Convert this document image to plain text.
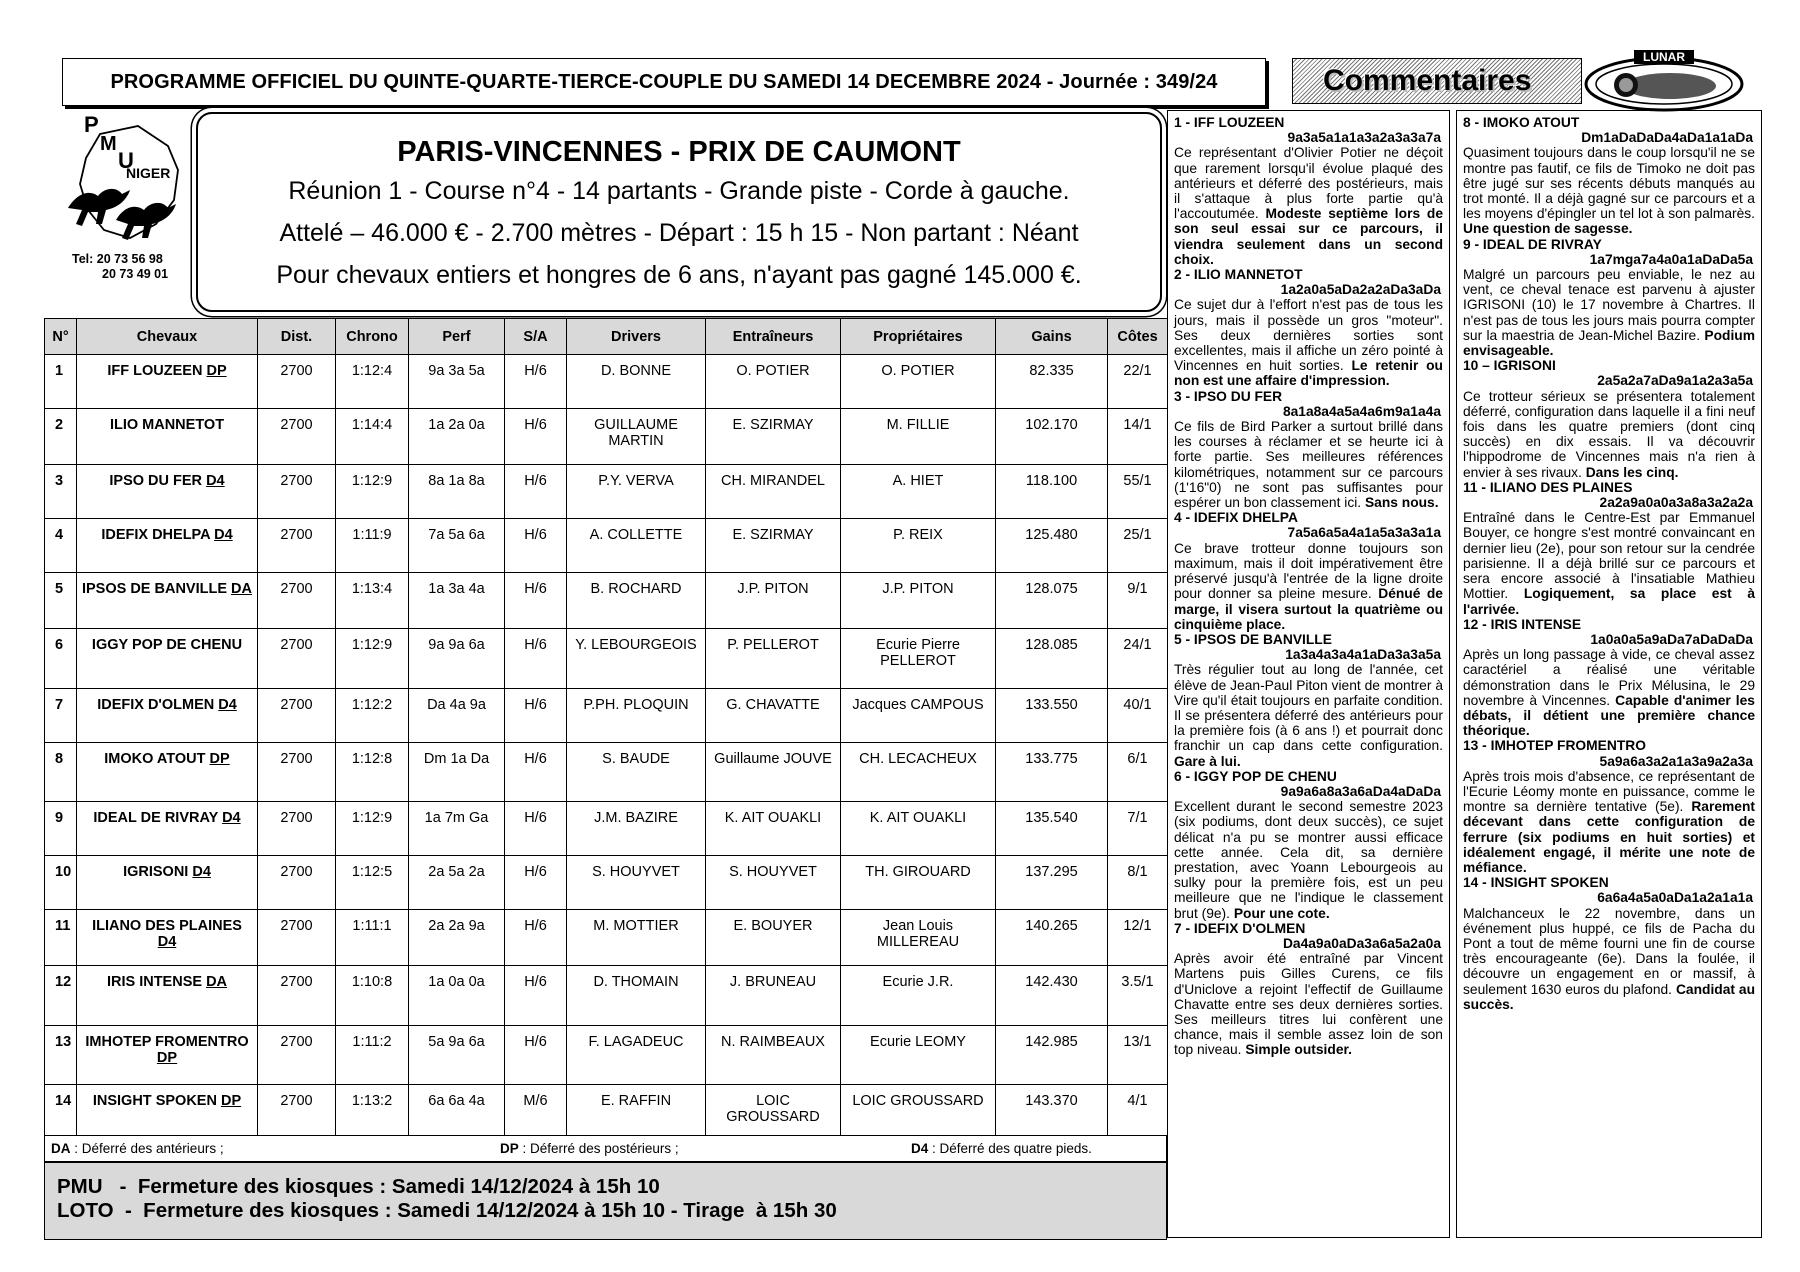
PROGRAMME OFFICIEL DU QUINTE-QUARTE-TIERCE-COUPLE DU SAMEDI 14 DECEMBRE 2024 - Journée : 349/24	Commentaires
LUNAR
P
M
U
NIGER
Tel: 20 73 56 98
20 73 49 01
PARIS-VINCENNES - PRIX DE CAUMONT
Réunion 1 - Course n°4 - 14 partants - Grande piste - Corde à gauche.
Attelé – 46.000 € - 2.700 mètres - Départ : 15 h 15 - Non partant : Néant
Pour chevaux entiers et hongres de 6 ans, n'ayant pas gagné 145.000 €.
N°	Chevaux	Dist.	Chrono	Perf	S/A	Drivers	Entraîneurs	Propriétaires	Gains	Côtes
1	IFF LOUZEEN DP	2700	1:12:4	9a 3a 5a	H/6	D. BONNE	O. POTIER	O. POTIER	82.335	22/1
2	ILIO MANNETOT	2700	1:14:4	1a 2a 0a	H/6	GUILLAUME MARTIN	E. SZIRMAY	M. FILLIE	102.170	14/1
3	IPSO DU FER D4	2700	1:12:9	8a 1a 8a	H/6	P.Y. VERVA	CH. MIRANDEL	A. HIET	118.100	55/1
4	IDEFIX DHELPA D4	2700	1:11:9	7a 5a 6a	H/6	A. COLLETTE	E. SZIRMAY	P. REIX	125.480	25/1
5	IPSOS DE BANVILLE DA	2700	1:13:4	1a 3a 4a	H/6	B. ROCHARD	J.P. PITON	J.P. PITON	128.075	9/1
6	IGGY POP DE CHENU	2700	1:12:9	9a 9a 6a	H/6	Y. LEBOURGEOIS	P. PELLEROT	Ecurie Pierre PELLEROT	128.085	24/1
7	IDEFIX D'OLMEN D4	2700	1:12:2	Da 4a 9a	H/6	P.PH. PLOQUIN	G. CHAVATTE	Jacques CAMPOUS	133.550	40/1
8	IMOKO ATOUT DP	2700	1:12:8	Dm 1a Da	H/6	S. BAUDE	Guillaume JOUVE	CH. LECACHEUX	133.775	6/1
9	IDEAL DE RIVRAY D4	2700	1:12:9	1a 7m Ga	H/6	J.M. BAZIRE	K. AIT OUAKLI	K. AIT OUAKLI	135.540	7/1
10	IGRISONI D4	2700	1:12:5	2a 5a 2a	H/6	S. HOUYVET	S. HOUYVET	TH. GIROUARD	137.295	8/1
11	ILIANO DES PLAINES D4	2700	1:11:1	2a 2a 9a	H/6	M. MOTTIER	E. BOUYER	Jean Louis MILLEREAU	140.265	12/1
12	IRIS INTENSE DA	2700	1:10:8	1a 0a 0a	H/6	D. THOMAIN	J. BRUNEAU	Ecurie J.R.	142.430	3.5/1
13	IMHOTEP FROMENTRO DP	2700	1:11:2	5a 9a 6a	H/6	F. LAGADEUC	N. RAIMBEAUX	Ecurie LEOMY	142.985	13/1
14	INSIGHT SPOKEN DP	2700	1:13:2	6a 6a 4a	M/6	E. RAFFIN	LOIC GROUSSARD	LOIC GROUSSARD	143.370	4/1
DA : Déferré des antérieurs ;	DP : Déferré des postérieurs ;	D4 : Déferré des quatre pieds.
PMU   -  Fermeture des kiosques : Samedi 14/12/2024 à 15h 10
LOTO  -  Fermeture des kiosques : Samedi 14/12/2024 à 15h 10 - Tirage  à 15h 30
1 - IFF LOUZEEN
9a3a5a1a1a3a2a3a3a7a

Ce représentant d'Olivier Potier ne déçoit que rarement lorsqu'il évolue plaqué des antérieurs et déferré des postérieurs, mais il s'attaque à plus forte partie qu'à l'accoutumée. Modeste septième lors de son seul essai sur ce parcours, il viendra seulement dans un second choix.

2 - ILIO MANNETOT
1a2a0a5aDa2a2aDa3aDa

Ce sujet dur à l'effort n'est pas de tous les jours, mais il possède un gros "moteur". Ses deux dernières sorties sont excellentes, mais il affiche un zéro pointé à Vincennes en huit sorties. Le retenir ou non est une affaire d'impression.

3 - IPSO DU FER
8a1a8a4a5a4a6m9a1a4a

Ce fils de Bird Parker a surtout brillé dans les courses à réclamer et se heurte ici à forte partie. Ses meilleures références kilométriques, notamment sur ce parcours (1'16"0) ne sont pas suffisantes pour espérer un bon classement ici. Sans nous.

4 - IDEFIX DHELPA
7a5a6a5a4a1a5a3a3a1a

Ce brave trotteur donne toujours son maximum, mais il doit impérativement être préservé jusqu'à l'entrée de la ligne droite pour donner sa pleine mesure. Dénué de marge, il visera surtout la quatrième ou cinquième place.

5 - IPSOS DE BANVILLE
1a3a4a3a4a1aDa3a3a5a

Très régulier tout au long de l'année, cet élève de Jean-Paul Piton vient de montrer à Vire qu'il était toujours en parfaite condition. Il se présentera déferré des antérieurs pour la première fois (à 6 ans !) et pourrait donc franchir un cap dans cette configuration. Gare à lui.

6 - IGGY POP DE CHENU
9a9a6a8a3a6aDa4aDaDa

Excellent durant le second semestre 2023 (six podiums, dont deux succès), ce sujet délicat n'a pu se montrer aussi efficace cette année. Cela dit, sa dernière prestation, avec Yoann Lebourgeois au sulky pour la première fois, est un peu meilleure que ne l'indique le classement brut (9e). Pour une cote.

7 - IDEFIX D'OLMEN
Da4a9a0aDa3a6a5a2a0a

Après avoir été entraîné par Vincent Martens puis Gilles Curens, ce fils d'Uniclove a rejoint l'effectif de Guillaume Chavatte entre ses deux dernières sorties. Ses meilleurs titres lui confèrent une chance, mais il semble assez loin de son top niveau. Simple outsider.

8 - IMOKO ATOUT
Dm1aDaDaDa4aDa1a1aDa

Quasiment toujours dans le coup lorsqu'il ne se montre pas fautif, ce fils de Timoko ne doit pas être jugé sur ses récents débuts manqués au trot monté. Il a déjà gagné sur ce parcours et a les moyens d'épingler un tel lot à son palmarès. Une question de sagesse.

9 - IDEAL DE RIVRAY
1a7mga7a4a0a1aDaDa5a

Malgré un parcours peu enviable, le nez au vent, ce cheval tenace est parvenu à ajuster IGRISONI (10) le 17 novembre à Chartres. Il n'est pas de tous les jours mais pourra compter sur la maestria de Jean-Michel Bazire. Podium envisageable.

10 – IGRISONI
2a5a2a7aDa9a1a2a3a5a

Ce trotteur sérieux se présentera totalement déferré, configuration dans laquelle il a fini neuf fois dans les quatre premiers (dont cinq succès) en dix essais. Il va découvrir l'hippodrome de Vincennes mais n'a rien à envier à ses rivaux. Dans les cinq.

11 - ILIANO DES PLAINES
2a2a9a0a0a3a8a3a2a2a

Entraîné dans le Centre-Est par Emmanuel Bouyer, ce hongre s'est montré convaincant en dernier lieu (2e), pour son retour sur la cendrée parisienne. Il a déjà brillé sur ce parcours et sera encore associé à l'insatiable Mathieu Mottier. Logiquement, sa place est à l'arrivée.

12 - IRIS INTENSE
1a0a0a5a9aDa7aDaDaDa

Après un long passage à vide, ce cheval assez caractériel a réalisé une véritable démonstration dans le Prix Mélusina, le 29 novembre à Vincennes. Capable d'animer les débats, il détient une première chance théorique.

13 - IMHOTEP FROMENTRO
5a9a6a3a2a1a3a9a2a3a

Après trois mois d'absence, ce représentant de l'Ecurie Léomy monte en puissance, comme le montre sa dernière tentative (5e). Rarement décevant dans cette configuration de ferrure (six podiums en huit sorties) et idéalement engagé, il mérite une note de méfiance.

14 - INSIGHT SPOKEN
6a6a4a5a0aDa1a2a1a1a

Malchanceux le 22 novembre, dans un événement plus huppé, ce fils de Pacha du Pont a tout de même fourni une fin de course très encourageante (6e). Dans la foulée, il découvre un engagement en or massif, à seulement 1630 euros du plafond. Candidat au succès.
